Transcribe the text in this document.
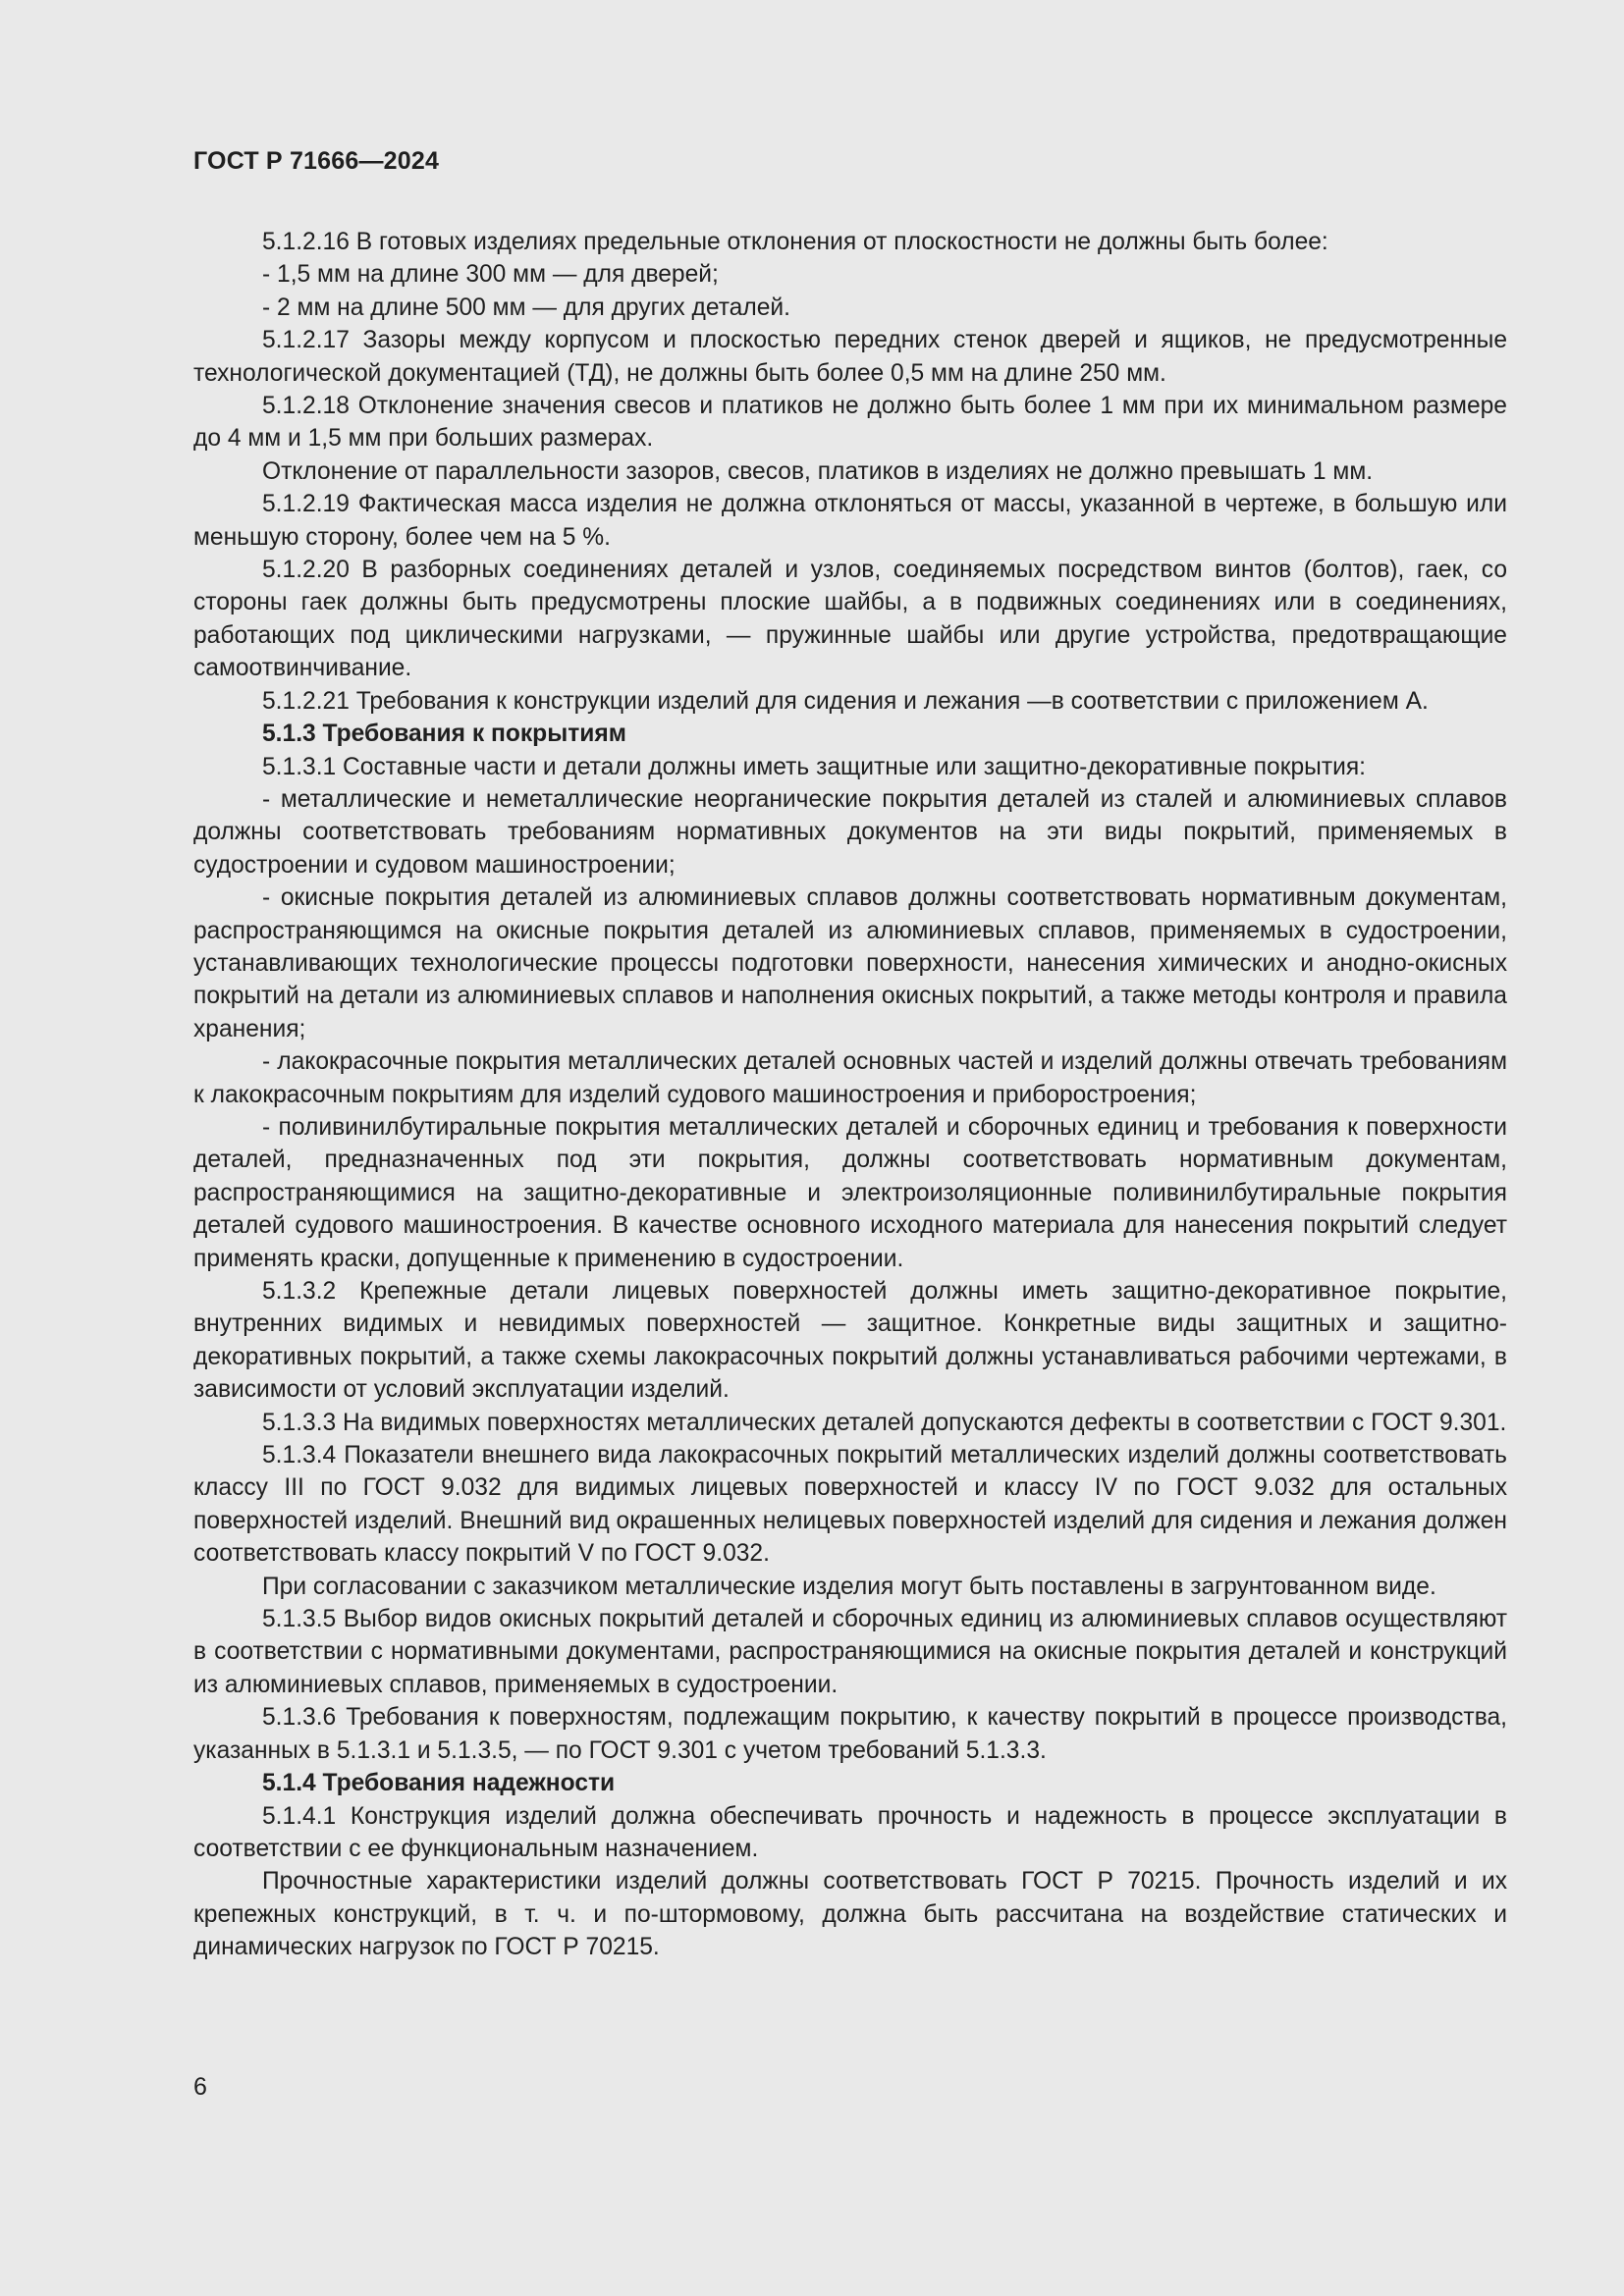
ГОСТ Р 71666—2024

5.1.2.16 В готовых изделиях предельные отклонения от плоскостности не должны быть более:

- 1,5 мм на длине 300 мм — для дверей;

- 2 мм на длине 500 мм — для других деталей.

5.1.2.17 Зазоры между корпусом и плоскостью передних стенок дверей и ящиков, не предусмотренные технологической документацией (ТД), не должны быть более 0,5 мм на длине 250 мм.

5.1.2.18 Отклонение значения свесов и платиков не должно быть более 1 мм при их минимальном размере до 4 мм и 1,5 мм при больших размерах.

Отклонение от параллельности зазоров, свесов, платиков в изделиях не должно превышать 1 мм.

5.1.2.19 Фактическая масса изделия не должна отклоняться от массы, указанной в чертеже, в большую или меньшую сторону, более чем на 5 %.

5.1.2.20 В разборных соединениях деталей и узлов, соединяемых посредством винтов (болтов), гаек, со стороны гаек должны быть предусмотрены плоские шайбы, а в подвижных соединениях или в соединениях, работающих под циклическими нагрузками, — пружинные шайбы или другие устройства, предотвращающие самоотвинчивание.

5.1.2.21 Требования к конструкции изделий для сидения и лежания —в соответствии с приложением А.

5.1.3 Требования к покрытиям

5.1.3.1 Составные части и детали должны иметь защитные или защитно-декоративные покрытия:

- металлические и неметаллические неорганические покрытия деталей из сталей и алюминиевых сплавов должны соответствовать требованиям нормативных документов на эти виды покрытий, применяемых в судостроении и судовом машиностроении;

- окисные покрытия деталей из алюминиевых сплавов должны соответствовать нормативным документам, распространяющимся на окисные покрытия деталей из алюминиевых сплавов, применяемых в судостроении, устанавливающих технологические процессы подготовки поверхности, нанесения химических и анодно-окисных покрытий на детали из алюминиевых сплавов и наполнения окисных покрытий, а также методы контроля и правила хранения;

- лакокрасочные покрытия металлических деталей основных частей и изделий должны отвечать требованиям к лакокрасочным покрытиям для изделий судового машиностроения и приборостроения;

- поливинилбутиральные покрытия металлических деталей и сборочных единиц и требования к поверхности деталей, предназначенных под эти покрытия, должны соответствовать нормативным документам, распространяющимися на защитно-декоративные и электроизоляционные поливинилбутиральные покрытия деталей судового машиностроения. В качестве основного исходного материала для нанесения покрытий следует применять краски, допущенные к применению в судостроении.

5.1.3.2 Крепежные детали лицевых поверхностей должны иметь защитно-декоративное покрытие, внутренних видимых и невидимых поверхностей — защитное. Конкретные виды защитных и защитно-декоративных покрытий, а также схемы лакокрасочных покрытий должны устанавливаться рабочими чертежами, в зависимости от условий эксплуатации изделий.

5.1.3.3 На видимых поверхностях металлических деталей допускаются дефекты в соответствии с ГОСТ 9.301.

5.1.3.4 Показатели внешнего вида лакокрасочных покрытий металлических изделий должны соответствовать классу III по ГОСТ 9.032 для видимых лицевых поверхностей и классу IV по ГОСТ 9.032 для остальных поверхностей изделий. Внешний вид окрашенных нелицевых поверхностей изделий для сидения и лежания должен соответствовать классу покрытий V по ГОСТ 9.032.

При согласовании с заказчиком металлические изделия могут быть поставлены в загрунтованном виде.

5.1.3.5 Выбор видов окисных покрытий деталей и сборочных единиц из алюминиевых сплавов осуществляют в соответствии с нормативными документами, распространяющимися на окисные покрытия деталей и конструкций из алюминиевых сплавов, применяемых в судостроении.

5.1.3.6 Требования к поверхностям, подлежащим покрытию, к качеству покрытий в процессе производства, указанных в 5.1.3.1 и 5.1.3.5, — по ГОСТ 9.301 с учетом требований 5.1.3.3.

5.1.4 Требования надежности

5.1.4.1 Конструкция изделий должна обеспечивать прочность и надежность в процессе эксплуатации в соответствии с ее функциональным назначением.

Прочностные характеристики изделий должны соответствовать ГОСТ Р 70215. Прочность изделий и их крепежных конструкций, в т. ч. и по-штормовому, должна быть рассчитана на воздействие статических и динамических нагрузок по ГОСТ Р 70215.

6
